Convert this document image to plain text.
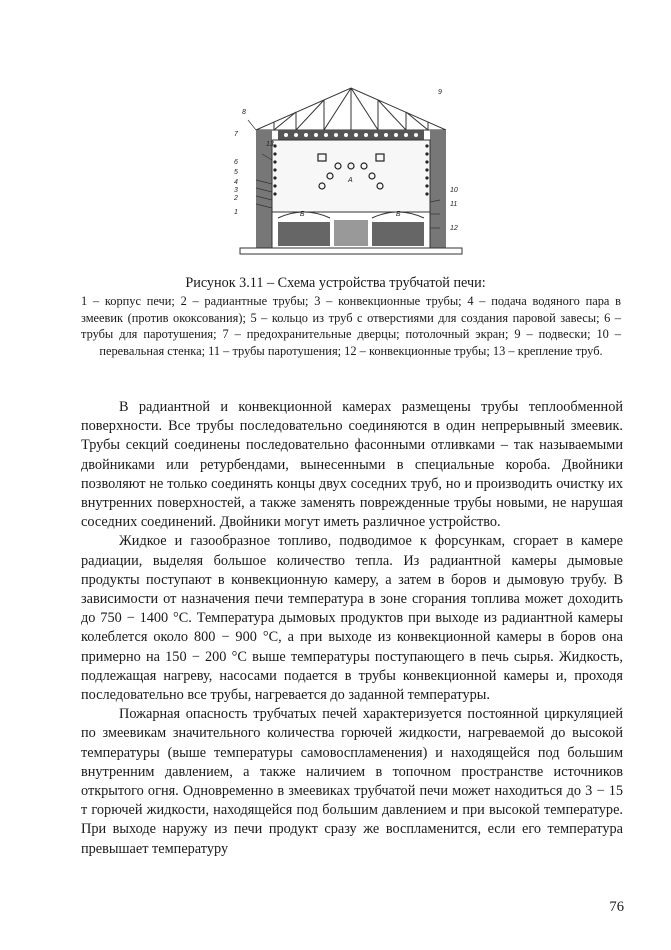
8
9
13
7
6
5
4
3
2
1
10
11
12
А
Б	Б
Рисунок 3.11 – Схема устройства трубчатой печи:
1 – корпус печи; 2 – радиантные трубы; 3 – конвекционные трубы; 4 – подача водяного пара в змеевик (против ококсования); 5 – кольцо из труб с отверстиями для создания паровой завесы; 6 – трубы для паротушения; 7 – предохранительные дверцы; потолочный экран; 9 – подвески; 10 – перевальная стенка; 11 – трубы паротушения; 12 – конвекционные трубы; 13 – крепление труб.

В радиантной и конвекционной камерах размещены трубы теплообменной поверхности. Все трубы последовательно соединяются в один непрерывный змеевик. Трубы секций соединены последовательно фасонными отливками – так называемыми двойниками или ретурбендами, вынесенными в специальные короба. Двойники позволяют не только соединять концы двух соседних труб, но и производить очистку их внутренних поверхностей, а также заменять поврежденные трубы новыми, не нарушая соседних соединений. Двойники могут иметь различное устройство.

Жидкое и газообразное топливо, подводимое к форсункам, сгорает в камере радиации, выделяя большое количество тепла. Из радиантной камеры дымовые продукты поступают в конвекционную камеру, а затем в боров и дымовую трубу. В зависимости от назначения печи температура в зоне сгорания топлива может доходить до 750 − 1400 °С. Температура дымовых продуктов при выходе из радиантной камеры колеблется около 800 − 900 °С, а при выходе из конвекционной камеры в боров она примерно на 150 − 200 °С выше температуры поступающего в печь сырья. Жидкость, подлежащая нагреву, насосами подается в трубы конвекционной камеры и, проходя последовательно все трубы, нагревается до заданной температуры.

Пожарная опасность трубчатых печей характеризуется постоянной циркуляцией по змеевикам значительного количества горючей жидкости, нагреваемой до высокой температуры (выше температуры самовоспламенения) и находящейся под большим внутренним давлением, а также наличием в топочном пространстве источников открытого огня. Одновременно в змеевиках трубчатой печи может находиться до 3 − 15 т горючей жидкости, находящейся под большим давлением и при высокой температуре. При выходе наружу из печи продукт сразу же воспламенится, если его температура превышает температуру

76
